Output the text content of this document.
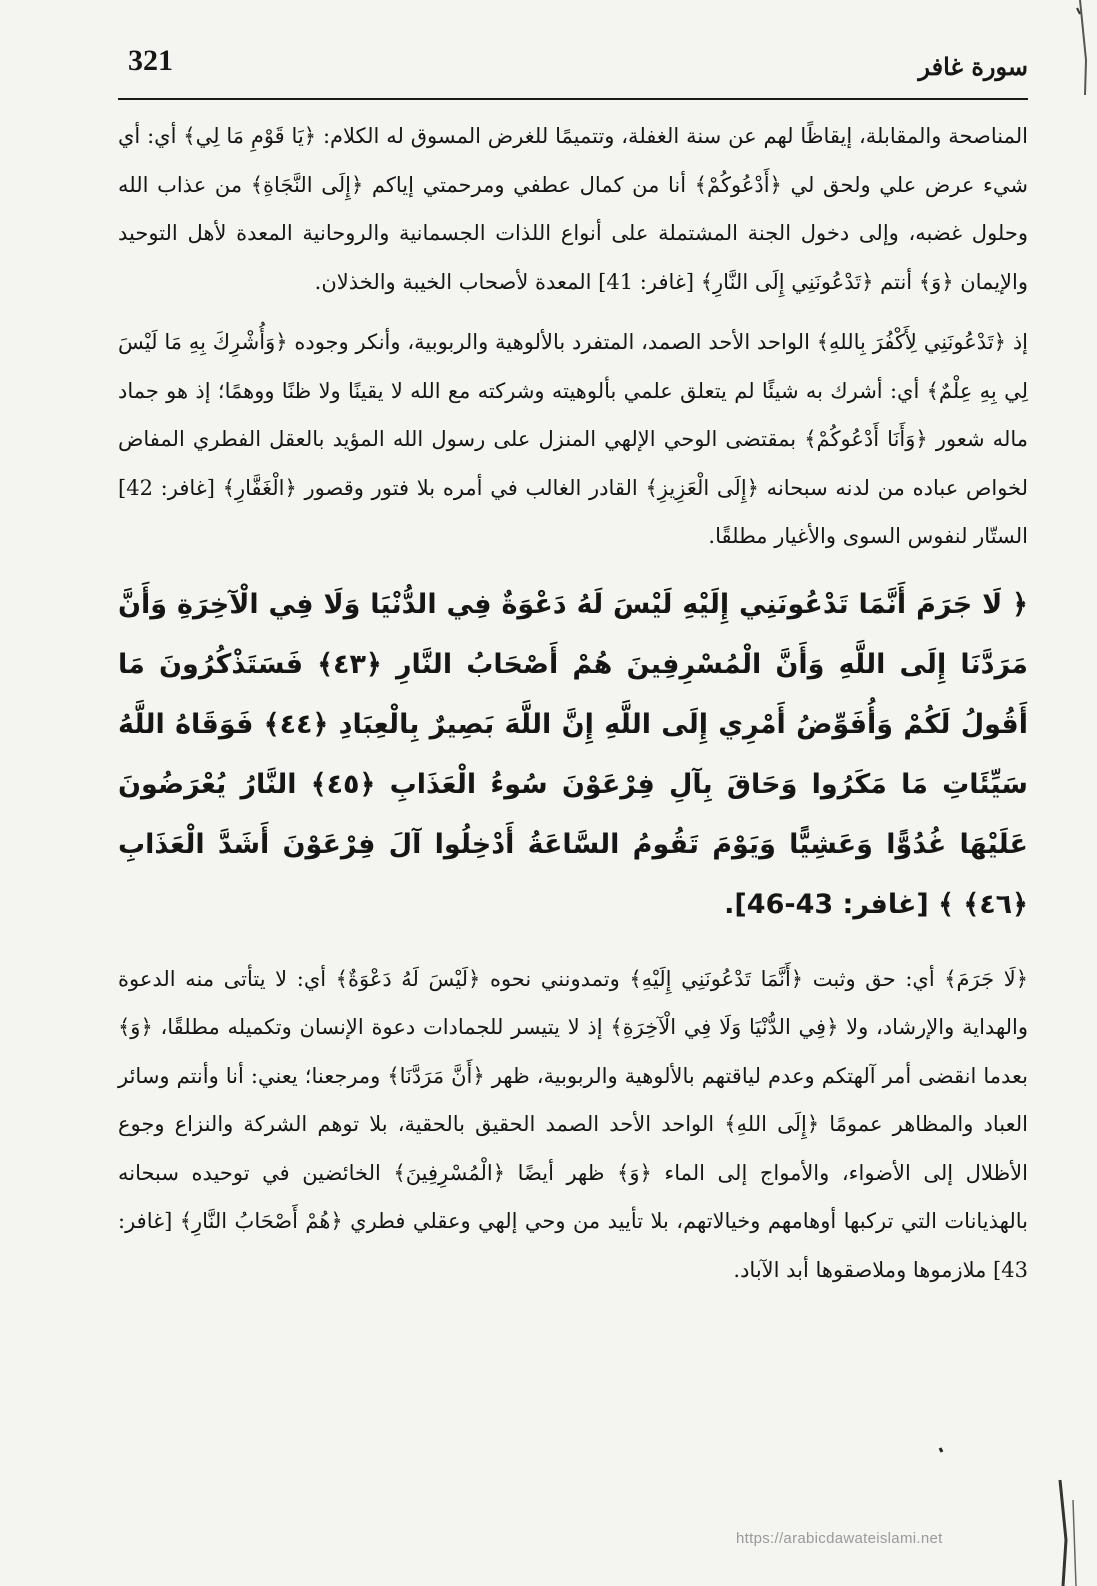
321	سورة غافر

المناصحة والمقابلة، إيقاظًا لهم عن سنة الغفلة، وتتميمًا للغرض المسوق له الكلام: ﴿يَا قَوْمِ مَا لِي﴾ أي: أي شيء عرض علي ولحق لي ﴿أَدْعُوكُمْ﴾ أنا من كمال عطفي ومرحمتي إياكم ﴿إِلَى النَّجَاةِ﴾ من عذاب الله وحلول غضبه، وإلى دخول الجنة المشتملة على أنواع اللذات الجسمانية والروحانية المعدة لأهل التوحيد والإيمان ﴿وَ﴾ أنتم ﴿تَدْعُونَنِي إِلَى النَّارِ﴾ [غافر: 41] المعدة لأصحاب الخيبة والخذلان.

إذ ﴿تَدْعُونَنِي لِأَكْفُرَ بِاللهِ﴾ الواحد الأحد الصمد، المتفرد بالألوهية والربوبية، وأنكر وجوده ﴿وَأُشْرِكَ بِهِ مَا لَيْسَ لِي بِهِ عِلْمٌ﴾ أي: أشرك به شيئًا لم يتعلق علمي بألوهيته وشركته مع الله لا يقينًا ولا ظنًا ووهمًا؛ إذ هو جماد ماله شعور ﴿وَأَنَا أَدْعُوكُمْ﴾ بمقتضى الوحي الإلهي المنزل على رسول الله المؤيد بالعقل الفطري المفاض لخواص عباده من لدنه سبحانه ﴿إِلَى الْعَزِيزِ﴾ القادر الغالب في أمره بلا فتور وقصور ﴿الْغَفَّارِ﴾ [غافر: 42] الستّار لنفوس السوى والأغيار مطلقًا.

﴿ لَا جَرَمَ أَنَّمَا تَدْعُونَنِي إِلَيْهِ لَيْسَ لَهُ دَعْوَةٌ فِي الدُّنْيَا وَلَا فِي الْآخِرَةِ وَأَنَّ مَرَدَّنَا إِلَى اللَّهِ وَأَنَّ الْمُسْرِفِينَ هُمْ أَصْحَابُ النَّارِ ﴿٤٣﴾ فَسَتَذْكُرُونَ مَا أَقُولُ لَكُمْ وَأُفَوِّضُ أَمْرِي إِلَى اللَّهِ إِنَّ اللَّهَ بَصِيرٌ بِالْعِبَادِ ﴿٤٤﴾ فَوَقَاهُ اللَّهُ سَيِّئَاتِ مَا مَكَرُوا وَحَاقَ بِآلِ فِرْعَوْنَ سُوءُ الْعَذَابِ ﴿٤٥﴾ النَّارُ يُعْرَضُونَ عَلَيْهَا غُدُوًّا وَعَشِيًّا وَيَوْمَ تَقُومُ السَّاعَةُ أَدْخِلُوا آلَ فِرْعَوْنَ أَشَدَّ الْعَذَابِ ﴿٤٦﴾ ﴾ [غافر: 43-46].

﴿لَا جَرَمَ﴾ أي: حق وثبت ﴿أَنَّمَا تَدْعُونَنِي إِلَيْهِ﴾ وتمدونني نحوه ﴿لَيْسَ لَهُ دَعْوَةٌ﴾ أي: لا يتأتى منه الدعوة والهداية والإرشاد، ولا ﴿فِي الدُّنْيَا وَلَا فِي الْآخِرَةِ﴾ إذ لا يتيسر للجمادات دعوة الإنسان وتكميله مطلقًا، ﴿وَ﴾ بعدما انقضى أمر آلهتكم وعدم لياقتهم بالألوهية والربوبية، ظهر ﴿أَنَّ مَرَدَّنَا﴾ ومرجعنا؛ يعني: أنا وأنتم وسائر العباد والمظاهر عمومًا ﴿إِلَى اللهِ﴾ الواحد الأحد الصمد الحقيق بالحقية، بلا توهم الشركة والنزاع وجوع الأظلال إلى الأضواء، والأمواج إلى الماء ﴿وَ﴾ ظهر أيضًا ﴿الْمُسْرِفِينَ﴾ الخائضين في توحيده سبحانه بالهذيانات التي تركبها أوهامهم وخيالاتهم، بلا تأييد من وحي إلهي وعقلي فطري ﴿هُمْ أَصْحَابُ النَّارِ﴾ [غافر: 43] ملازموها وملاصقوها أبد الآباد.

https://arabicdawateislami.net
